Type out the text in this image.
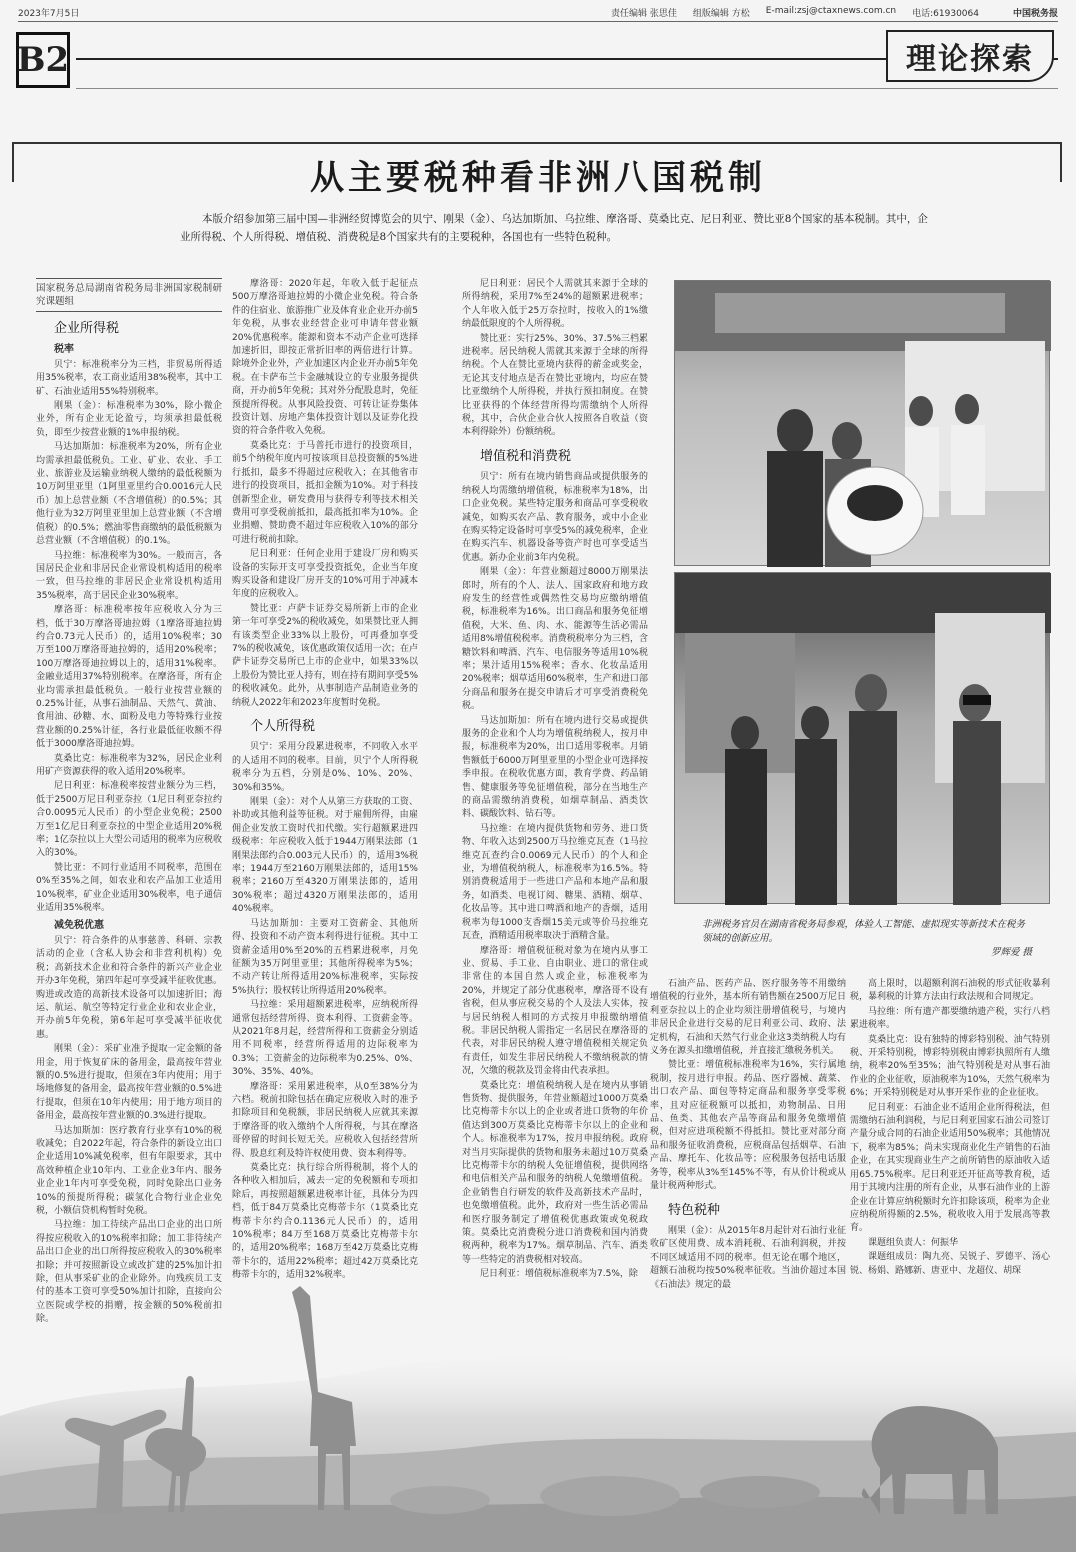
2023年7月5日	责任编辑 张思佳 组版编辑 方松 E-mail:zsj@ctaxnews.com.cn 电话:61930064	中国税务报
B2	理论探索
从主要税种看非洲八国税制
本版介绍参加第三届中国—非洲经贸博览会的贝宁、刚果（金）、乌达加斯加、乌拉维、摩洛哥、莫桑比克、尼日利亚、赞比亚8个国家的基本税制。其中，企业所得税、个人所得税、增值税、消费税是8个国家共有的主要税种，各国也有一些特色税种。
国家税务总局湖南省税务局非洲国家税制研究课题组
企业所得税
税率

贝宁：标准税率分为三档，非贸易所得适用35%税率，农工商业适用38%税率，其中工矿、石油业适用55%特别税率。

刚果（金）：标准税率为30%，除小微企业外，所有企业无论盈亏，均须承担最低税负，即至少按营业额的1%申报纳税。

马达加斯加：标准税率为20%，所有企业均需承担最低税负。工业、矿业、农业、手工业、旅游业及运输业纳税人缴纳的最低税额为10万阿里亚里（1阿里亚里约合0.0016元人民币）加上总营业额（不含增值税）的0.5%；其他行业为32万阿里亚里加上总营业额（不含增值税）的0.5%；燃油零售商缴纳的最低税额为总营业额（不含增值税）的0.1%。

马拉维：标准税率为30%。一般而言，各国居民企业和非居民企业常设机构适用的税率一致，但马拉维的非居民企业常设机构适用35%税率，高于居民企业30%税率。

摩洛哥：标准税率按年应税收入分为三档，低于30万摩洛哥迪拉姆（1摩洛哥迪拉姆约合0.73元人民币）的，适用10%税率；30万至100万摩洛哥迪拉姆的，适用20%税率；100万摩洛哥迪拉姆以上的，适用31%税率。金融业适用37%特别税率。在摩洛哥，所有企业均需承担最低税负。一般行业按营业额的0.25%计征，从事石油制品、天然气、黄油、食用油、砂糖、水、面粉及电力等特殊行业按营业额的0.25%计征，各行业最低征收额不得低于3000摩洛哥迪拉姆。

莫桑比克：标准税率为32%，居民企业利用矿产资源获得的收入适用20%税率。

尼日利亚：标准税率按营业额分为三档，低于2500万尼日利亚奈拉（1尼日利亚奈拉约合0.0095元人民币）的小型企业免税；2500万至1亿尼日利亚奈拉的中型企业适用20%税率；1亿奈拉以上大型公司适用的税率为应税收入的30%。

赞比亚：不同行业适用不同税率，范围在0%至35%之间，如农业和农产品加工业适用10%税率，矿业企业适用30%税率，电子通信业适用35%税率。

减免税优惠

贝宁：符合条件的从事慈善、科研、宗教活动的企业（含私人协会和非营利机构）免税；高新技术企业和符合条件的新兴产业企业开办3年免税，第四年起可享受减半征收优惠。购进或改造的高新技术设备可以加速折旧；海运、航运、航空等特定行业企业和农业企业，开办前5年免税，第6年起可享受减半征收优惠。

刚果（金）：采矿业准予提取一定金额的备用金，用于恢复矿床的备用金，最高按年营业额的0.5%进行提取，但须在3年内使用；用于场地修复的备用金，最高按年营业额的0.5%进行提取，但须在10年内使用；用于地方项目的备用金，最高按年营业额的0.3%进行提取。

马达加斯加：医疗教育行业享有10%的税收减免；自2022年起，符合条件的新设立出口企业适用10%减免税率，但有年限要求，其中高效种植企业10年内、工业企业3年内、服务业企业1年内可享受免税，同时免除出口业务10%的预提所得税；碳氢化合物行业企业免税，小额信贷机构暂时免税。

马拉维：加工待续产品出口企业的出口所得按应税收入的10%税率扣除；加工非待续产品出口企业的出口所得按应税收入的30%税率扣除；并可按照新设立或改扩建的25%加计扣除，但从事采矿业的企业除外。向残疾员工支付的基本工资可享受50%加计扣除，直接向公立医院或学校的捐赠，按金额的50%税前扣除。

摩洛哥：2020年起，年收入低于起征点500万摩洛哥迪拉姆的小微企业免税。符合条件的住宿业、旅游推广业及体育业企业开办前5年免税，从事农业经营企业可申请年营业额20%优惠税率。能源和资本不动产企业可选择加速折旧，即按正常折旧率的两倍进行计算。除境外企业外，产业加速区内企业开办前5年免税。在卡萨布兰卡金融城设立的专业服务提供商，开办前5年免税；其对外分配股息时，免征预提所得税。从事风险投资、可转让证券集体投资计划、房地产集体投资计划以及证券化投资的符合条件收入免税。

莫桑比克：于马普托市进行的投资项目，前5个纳税年度内可按该项目总投资额的5%进行抵扣，最多不得超过应税收入；在其他省市进行的投资项目，抵扣金额为10%。对于科技创新型企业，研发费用与获得专利等技术相关费用可享受税前抵扣，最高抵扣率为10%。企业捐赠、赞助费不超过年应税收入10%的部分可进行税前扣除。

尼日利亚：任何企业用于建设厂房和购买设备的实际开支可享受投资抵免，企业当年度购买设备和建设厂房开支的10%可用于冲减本年度的应税收入。

赞比亚：卢萨卡证券交易所新上市的企业第一年可享受2%的税收减免，如果赞比亚人拥有该类型企业33%以上股份，可再叠加享受7%的税收减免，该优惠政策仅适用一次；在卢萨卡证券交易所已上市的企业中，如果33%以上股份为赞比亚人持有，则在持有期间享受5%的税收减免。此外，从事制造产品制造业务的纳税人2022年和2023年度暂时免税。

个人所得税

贝宁：采用分段累进税率，不同收入水平的人适用不同的税率。目前，贝宁个人所得税税率分为五档，分别是0%、10%、20%、30%和35%。

刚果（金）：对个人从第三方获取的工资、补助或其他利益等征税。对于雇佣所得，由雇佣企业发放工资时代扣代缴。实行超额累进四级税率：年应税收入低于1944万刚果法郎（1刚果法郎约合0.003元人民币）的，适用3%税率；1944万至2160万刚果法郎的，适用15%税率；2160万至4320万刚果法郎的，适用30%税率；超过4320万刚果法郎的，适用40%税率。

马达加斯加：主要对工资薪金、其他所得、投资和不动产资本利得进行征税。其中工资薪金适用0%至20%的五档累进税率，月免征额为35万阿里亚里；其他所得税率为5%；不动产转让所得适用20%标准税率，实际按5%执行；股权转让所得适用20%税率。

马拉维：采用超额累进税率，应纳税所得通常包括经营所得、资本利得、工资薪金等。从2021年8月起，经营所得和工资薪金分别适用不同税率，经营所得适用的边际税率为0.3%；工资薪金的边际税率为0.25%、0%、30%、35%、40%。

摩洛哥：采用累进税率，从0至38%分为六档。税前扣除包括在确定应税收入时的准予扣除项目和免税额，非居民纳税人应就其来源于摩洛哥的收入缴纳个人所得税，与其在摩洛哥停留的时间长短无关。应税收入包括经营所得、股息红利及特许权使用费、资本利得等。

莫桑比克：执行综合所得税制，将个人的各种收入相加后，减去一定的免税额和专项扣除后，再按照超额累进税率计征，具体分为四档，低于84万莫桑比克梅蒂卡尔（1莫桑比克梅蒂卡尔约合0.1136元人民币）的，适用10%税率；84万至168万莫桑比克梅蒂卡尔的，适用20%税率；168万至42万莫桑比克梅蒂卡尔的，适用22%税率；超过42万莫桑比克梅蒂卡尔的，适用32%税率。

尼日利亚：居民个人需就其来源于全球的所得纳税，采用7%至24%的超额累进税率；个人年收入低于25万奈拉时，按收入的1%缴纳最低限度的个人所得税。

赞比亚：实行25%、30%、37.5%三档累进税率。居民纳税人需就其来源于全球的所得纳税。个人在赞比亚境内获得的薪金或奖金，无论其支付地点是否在赞比亚境内，均应在赞比亚缴纳个人所得税，并执行预扣制度。在赞比亚获得的个体经营所得均需缴纳个人所得税，其中，合伙企业合伙人按照各自收益（资本利得除外）份额纳税。

增值税和消费税

贝宁：所有在境内销售商品或提供服务的纳税人均需缴纳增值税，标准税率为18%，出口企业免税。某些特定服务和商品可享受税收减免，如购买农产品、教育服务，或中小企业在购买特定设备时可享受5%的减免税率，企业在购买汽车、机器设备等资产时也可享受适当优惠。新办企业前3年内免税。

刚果（金）：年营业额超过8000万刚果法郎时，所有的个人、法人、国家政府和地方政府发生的经营性或偶然性交易均应缴纳增值税，标准税率为16%。出口商品和服务免征增值税，大米、鱼、肉、水、能源等生活必需品适用8%增值税税率。消费税税率分为三档，含糖饮料和啤酒、汽车、电信服务等适用10%税率；果汁适用15%税率；香水、化妆品适用20%税率；烟草适用60%税率，生产和进口部分商品和服务在提交申请后才可享受消费税免税。

马达加斯加：所有在境内进行交易或提供服务的企业和个人均为增值税纳税人，按月申报，标准税率为20%，出口适用零税率。月销售额低于6000万阿里亚里的小型企业可选择按季申报。在税收优惠方面，教育学费、药品销售、健康服务等免征增值税，部分在当地生产的商品需缴纳消费税，如烟草制品、酒类饮料、碳酸饮料、钻石等。

马拉维：在境内提供货物和劳务、进口货物、年收入达到2500万马拉维克瓦查（1马拉维克瓦查约合0.0069元人民币）的个人和企业，为增值税纳税人，标准税率为16.5%。特别消费税适用于一些进口产品和本地产品和服务，如酒类、电视订阅、糖果、酒精、烟草、化妆品等。其中进口啤酒和地产的香烟，适用税率为每1000支香烟15美元或等价马拉维克瓦查，酒精适用税率取决于酒精含量。

摩洛哥：增值税征税对象为在境内从事工业、贸易、手工业、自由职业、进口的常住或非常住的本国自然人或企业，标准税率为20%，并规定了部分优惠税率，摩洛哥不设有省税，但从事应税交易的个人及法人实体，按与居民纳税人相同的方式按月申报缴纳增值税。非居民纳税人需指定一名居民在摩洛哥的代表，对非居民纳税人遵守增值税相关规定负有责任，如发生非居民纳税人不缴纳税款的情况，欠缴的税款及罚金将由代表承担。

莫桑比克：增值税纳税人是在境内从事销售货物、提供服务，年营业额超过1000万莫桑比克梅蒂卡尔以上的企业或者进口货物的年价值达到300万莫桑比克梅蒂卡尔以上的企业和个人。标准税率为17%，按月申报纳税。政府对当月实际提供的货物和服务未超过10万莫桑比克梅蒂卡尔的纳税人免征增值税，提供网络和电信相关产品和服务的纳税人免缴增值税。企业销售自行研发的软件及高新技术产品时，也免缴增值税。此外，政府对一些生活必需品和医疗服务制定了增值税优惠政策或免税政策。莫桑比克消费税分进口消费税和国内消费税两种，税率为17%。烟草制品、汽车、酒类等一些特定的消费税相对较高。

尼日利亚：增值税标准税率为7.5%，除

非洲税务官员在湖南省税务局参观，体验人工智能、虚拟现实等新技术在税务领域的创新应用。
罗辉爱 摄

石油产品、医药产品、医疗服务等不用缴纳增值税的行业外，基本所有销售额在2500万尼日利亚奈拉以上的企业均须注册增值税号，与境内非居民企业进行交易的尼日利亚公司、政府、法定机构，石油和天然气行业企业这3类纳税人均有义务在源头扣缴增值税，并直接汇缴税务机关。

赞比亚：增值税标准税率为16%，实行属地税制，按月进行申报。药品、医疗器械、蔬菜、出口农产品、面包等特定商品和服务享受零税率，且对应征税额可以抵扣，劝物制品、日用品、鱼类、其他农产品等商品和服务免缴增值税，但对应进项税额不得抵扣。赞比亚对部分商品和服务征收消费税，应税商品包括烟草、石油产品、摩托车、化妆品等；应税服务包括电话服务等，税率从3%至145%不等，有从价计税或从量计税两种形式。

特色税种

刚果（金）：从2015年8月起针对石油行业征收矿区使用费、成本消耗税、石油利润税，并按不同区域适用不同的税率。但无论在哪个地区，超额石油税均按50%税率征收。当油价超过本国《石油法》规定的最

高上限时，以超额利润石油税的形式征收暴利税，暴利税的计算方法由行政法规和合同规定。

马拉维：所有遗产都要缴纳遗产税，实行八档累进税率。

莫桑比克：设有独特的博彩特别税、油气特别税、开采特别税，博彩特别税由博彩执照所有人缴纳，税率20%至35%；油气特别税是对从事石油作业的企业征收，原油税率为10%，天然气税率为6%；开采特别税是对从事开采作业的企业征收。

尼日利亚：石油企业不适用企业所得税法，但需缴纳石油利润税，与尼日利亚国家石油公司签订产量分成合同的石油企业适用50%税率；其他情况下，税率为85%；尚未实现商业化生产销售的石油企业，在其实现商业生产之前所销售的原油收入适用65.75%税率。尼日利亚还开征高等教育税，适用于其境内注册的所有企业，从事石油作业的上游企业在计算应纳税额时允许扣除该项，税率为企业应纳税所得额的2.5%，税收收入用于发展高等教育。

课题组负责人：何振华

课题组成员：陶九亮、吴锐子、罗德平、汤心锐、杨娟、路娜新、唐亚中、龙超仪、胡琛
